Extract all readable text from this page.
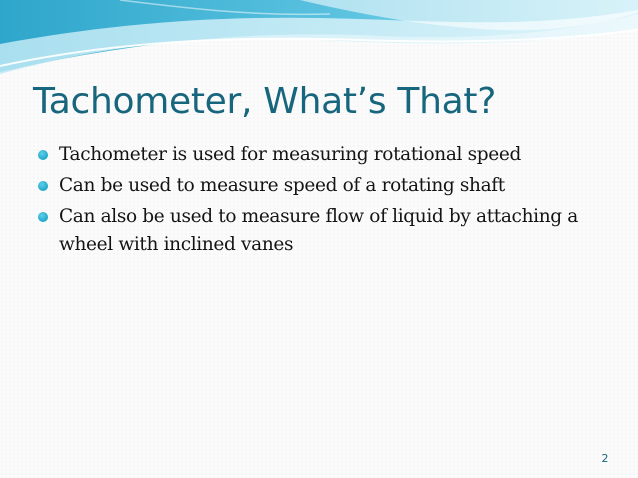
Tachometer, What’s That?
Tachometer is used for measuring rotational speed
Can be used to measure speed of a rotating shaft
Can also be used to measure flow of liquid by attaching a wheel with inclined vanes
2
